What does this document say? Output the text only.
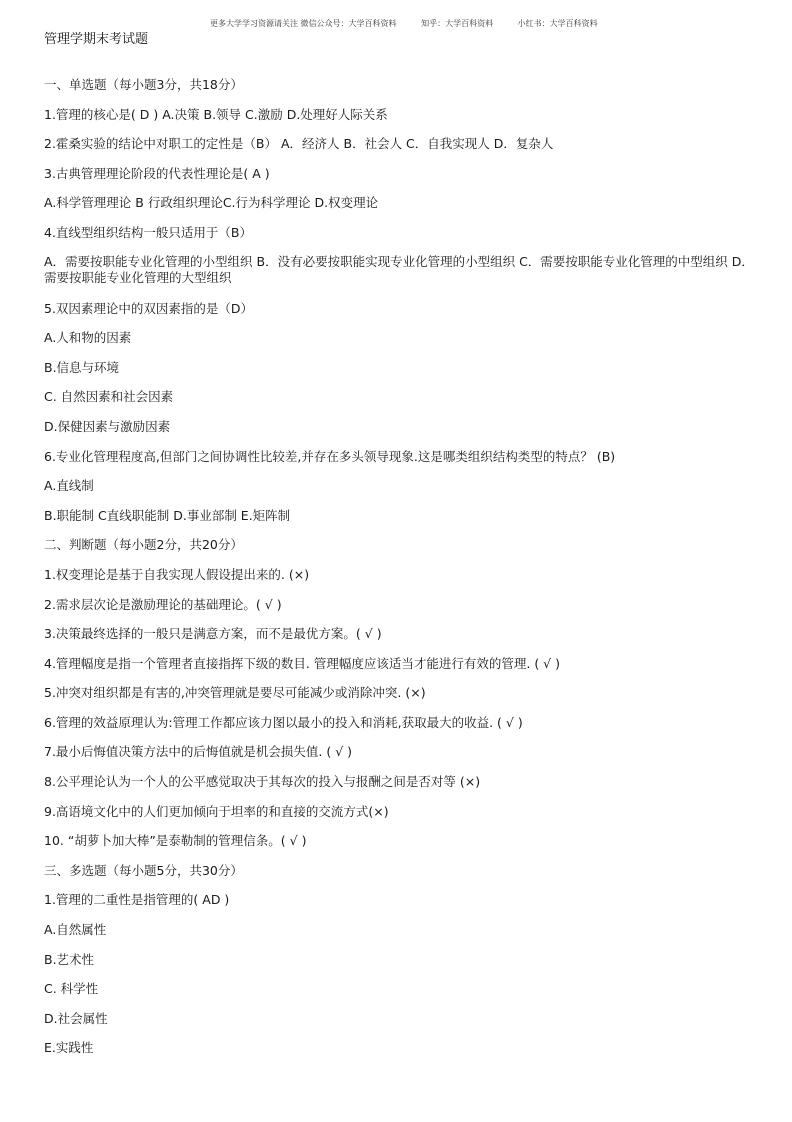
更多大学学习资源请关注 微信公众号：大学百科资料	知乎：大学百科资料	小红书：大学百科资料
管理学期末考试题
一、单选题（每小题3分，共18分）
1.管理的核心是( D ) A.决策 B.领导 C.激励 D.处理好人际关系
2.霍桑实验的结论中对职工的定性是（B） A．经济人 B．社会人 C．自我实现人 D．复杂人
3.古典管理理论阶段的代表性理论是( A )
A.科学管理理论 B 行政组织理论C.行为科学理论 D.权变理论
4.直线型组织结构一般只适用于（B）
A．需要按职能专业化管理的小型组织 B．没有必要按职能实现专业化管理的小型组织 C．需要按职能专业化管理的中型组织 D．需要按职能专业化管理的大型组织
5.双因素理论中的双因素指的是（D）
A.人和物的因素
B.信息与环境
C. 自然因素和社会因素
D.保健因素与激励因素
6.专业化管理程度高,但部门之间协调性比较差,并存在多头领导现象.这是哪类组织结构类型的特点？ (B)
A.直线制
B.职能制 C直线职能制 D.事业部制 E.矩阵制
二、判断题（每小题2分，共20分）
1.权变理论是基于自我实现人假设提出来的. (×)
2.需求层次论是激励理论的基础理论。( √ )
3.决策最终选择的一般只是满意方案，而不是最优方案。( √ )
4.管理幅度是指一个管理者直接指挥下级的数目. 管理幅度应该适当才能进行有效的管理. ( √ )
5.冲突对组织都是有害的,冲突管理就是要尽可能减少或消除冲突. (×)
6.管理的效益原理认为:管理工作都应该力图以最小的投入和消耗,获取最大的收益. ( √ )
7.最小后悔值决策方法中的后悔值就是机会损失值. ( √ )
8.公平理论认为一个人的公平感觉取决于其每次的投入与报酬之间是否对等 (×)
9.高语境文化中的人们更加倾向于坦率的和直接的交流方式(×)
10. “胡萝卜加大棒”是泰勒制的管理信条。( √ )
三、多选题（每小题5分，共30分）
1.管理的二重性是指管理的( AD )
A.自然属性
B.艺术性
C. 科学性
D.社会属性
E.实践性
